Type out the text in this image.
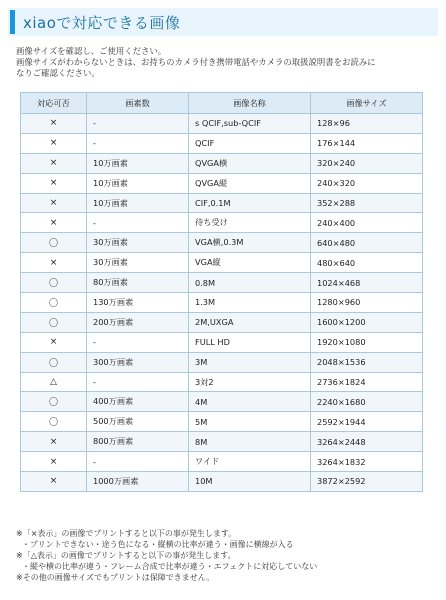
xiaoで対応できる画像

画像サイズを確認し、ご使用ください。

画像サイズがわからないときは、お持ちのカメラ付き携帯電話やカメラの取扱説明書をお読みに

なりご確認ください。

対応可否	画素数	画像名称	画像サイズ
×	-	s QCIF,sub-QCIF	128×96
×	-	QCIF	176×144
×	10万画素	QVGA横	320×240
×	10万画素	QVGA縦	240×320
×	10万画素	CIF,0.1M	352×288
×	-	待ち受け	240×400
〇	30万画素	VGA横,0.3M	640×480
×	30万画素	VGA縦	480×640
〇	80万画素	0.8M	1024×468
〇	130万画素	1.3M	1280×960
〇	200万画素	2M,UXGA	1600×1200
×	-	FULL HD	1920×1080
〇	300万画素	3M	2048×1536
△	-	3対2	2736×1824
〇	400万画素	4M	2240×1680
〇	500万画素	5M	2592×1944
×	800万画素	8M	3264×2448
×	-	ワイド	3264×1832
×	1000万画素	10M	3872×2592

※「×表示」の画像でプリントすると以下の事が発生します。

・プリントできない・途う色になる・縦横の比率が違う・画像に横線が入る

※「△表示」の画像でプリントすると以下の事が発生します。

・縦や横の比率が違う・フレーム合成で比率が違う・エフェクトに対応していない

※その他の画像サイズでもプリントは保障できません。
